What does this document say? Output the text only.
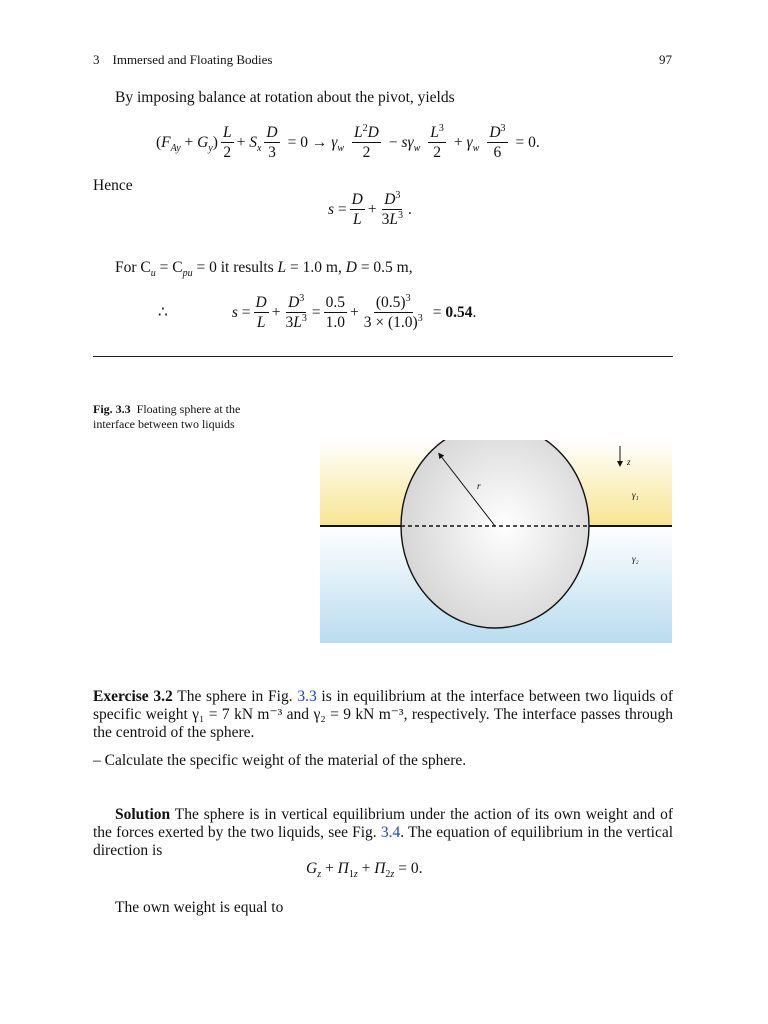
3 Immersed and Floating Bodies	97
By imposing balance at rotation about the pivot, yields
$(F_{Ay} + G_y) \frac{L}{2} + S_x \frac{D}{3} = 0 \to \gamma_w \frac{L^2D}{2} - s\gamma_w \frac{L^3}{2} + \gamma_w \frac{D^3}{6} = 0$.
Hence
$s = \frac{D}{L} + \frac{D^3}{3L^3}$ .
For $C_u = C_{pu} = 0$ it results L = 1.0 m, D = 0.5 m,
∴	$s = \frac{D}{L} + \frac{D^3}{3L^3} = \frac{0.5}{1.0} + \frac{(0.5)^3}{3 \times (1.0)^3} = 0.54$.
Fig. 3.3 Floating sphere at the interface between two liquids
r
z
γ₁
γ₂
Exercise 3.2 The sphere in Fig. 3.3 is in equilibrium at the interface between two liquids of specific weight γ₁ = 7 kN m⁻³ and γ₂ = 9 kN m⁻³, respectively. The interface passes through the centroid of the sphere.
– Calculate the specific weight of the material of the sphere.
Solution The sphere is in vertical equilibrium under the action of its own weight and of the forces exerted by the two liquids, see Fig. 3.4. The equation of equilibrium in the vertical direction is
$G_z + \Pi_{1z} + \Pi_{2z} = 0$.
The own weight is equal to
